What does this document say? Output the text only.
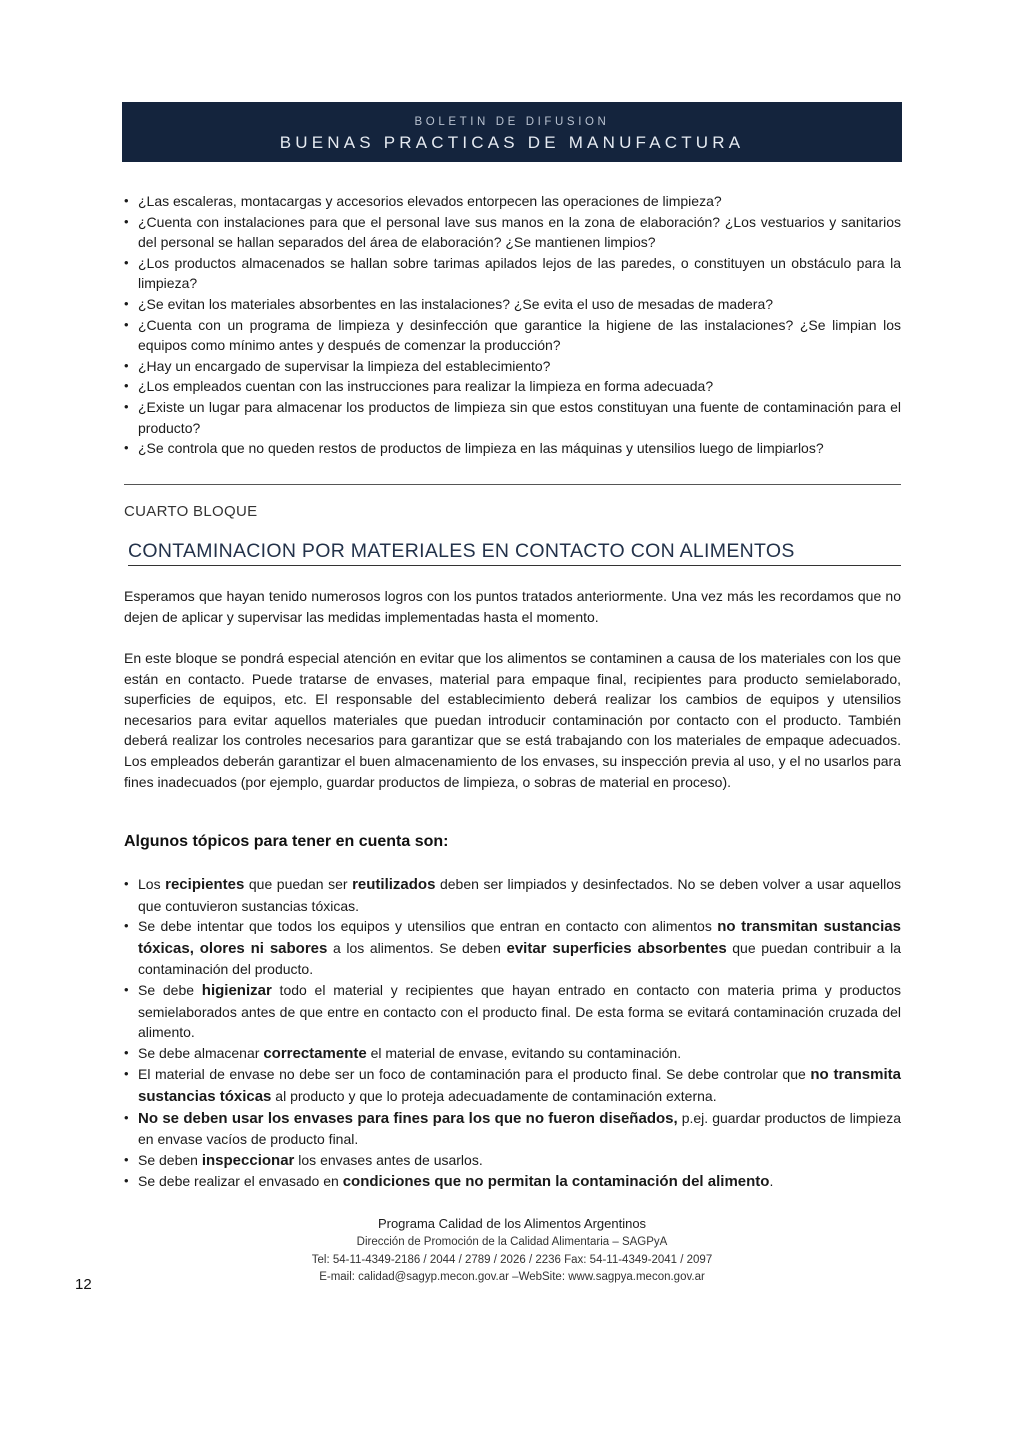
BOLETIN DE DIFUSION
BUENAS PRACTICAS DE MANUFACTURA
• ¿Las escaleras, montacargas y accesorios elevados entorpecen las operaciones de limpieza?
• ¿Cuenta con instalaciones para que el personal lave sus manos en la zona de elaboración? ¿Los vestuarios y sanitarios del personal se hallan separados del área de elaboración? ¿Se mantienen limpios?
• ¿Los productos almacenados se hallan sobre tarimas apilados lejos de las paredes, o constituyen un obstáculo para la limpieza?
• ¿Se evitan los materiales absorbentes en las instalaciones? ¿Se evita el uso de mesadas de madera?
• ¿Cuenta con un programa de limpieza y desinfección que garantice la higiene de las instalaciones? ¿Se limpian los equipos como mínimo antes y después de comenzar la producción?
• ¿Hay un encargado de supervisar la limpieza del establecimiento?
• ¿Los empleados cuentan con las instrucciones para realizar la limpieza en forma adecuada?
• ¿Existe un lugar para almacenar los productos de limpieza sin que estos constituyan una fuente de contaminación para el producto?
• ¿Se controla que no queden restos de productos de limpieza en las máquinas y utensilios luego de limpiarlos?
CUARTO BLOQUE
CONTAMINACION POR MATERIALES EN CONTACTO CON ALIMENTOS

Esperamos que hayan tenido numerosos logros con los puntos tratados anteriormente. Una vez más les recordamos que no dejen de aplicar y supervisar las medidas implementadas hasta el momento.

En este bloque se pondrá especial atención en evitar que los alimentos se contaminen a causa de los materiales con los que están en contacto. Puede tratarse de envases, material para empaque final, recipientes para producto semielaborado, superficies de equipos, etc. El responsable del establecimiento deberá realizar los cambios de equipos y utensilios necesarios para evitar aquellos materiales que puedan introducir contaminación por contacto con el producto. También deberá realizar los controles necesarios para garantizar que se está trabajando con los materiales de empaque adecuados. Los empleados deberán garantizar el buen almacenamiento de los envases, su inspección previa al uso, y el no usarlos para fines inadecuados (por ejemplo, guardar productos de limpieza, o sobras de material en proceso).

Algunos tópicos para tener en cuenta son:
• Los recipientes que puedan ser reutilizados deben ser limpiados y desinfectados. No se deben volver a usar aquellos que contuvieron sustancias tóxicas.
• Se debe intentar que todos los equipos y utensilios que entran en contacto con alimentos no transmitan sustancias tóxicas, olores ni sabores a los alimentos. Se deben evitar superficies absorbentes que puedan contribuir a la contaminación del producto.
• Se debe higienizar todo el material y recipientes que hayan entrado en contacto con materia prima y productos semielaborados antes de que entre en contacto con el producto final. De esta forma se evitará contaminación cruzada del alimento.
• Se debe almacenar correctamente el material de envase, evitando su contaminación.
• El material de envase no debe ser un foco de contaminación para el producto final. Se debe controlar que no transmita sustancias tóxicas al producto y que lo proteja adecuadamente de contaminación externa.
• No se deben usar los envases para fines para los que no fueron diseñados, p.ej. guardar productos de limpieza en envase vacíos de producto final.
• Se deben inspeccionar los envases antes de usarlos.
• Se debe realizar el envasado en condiciones que no permitan la contaminación del alimento.
Programa Calidad de los Alimentos Argentinos
Dirección de Promoción de la Calidad Alimentaria – SAGPyA
Tel: 54-11-4349-2186 / 2044 / 2789 / 2026 / 2236 Fax: 54-11-4349-2041 / 2097
E-mail: calidad@sagyp.mecon.gov.ar –WebSite: www.sagpya.mecon.gov.ar
12
